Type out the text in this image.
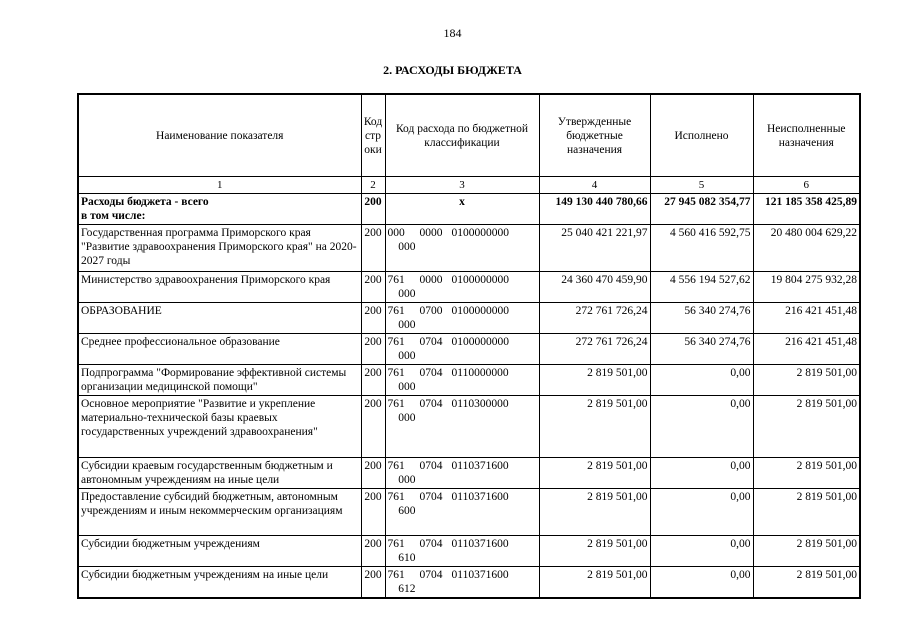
184
2. РАСХОДЫ БЮДЖЕТА
Наименование показателя	Код стр оки	Код расхода по бюджетной классификации	Утвержденные бюджетные назначения	Исполнено	Неисполненные назначения
1	2	3	4	5	6

Расходы бюджета - всего
в том числе:	200	x	149 130 440 780,66	27 945 082 354,77	121 185 358 425,89

Государственная программа Приморского края "Развитие здравоохранения Приморского края" на 2020-2027 годы	200	000 0000 0100000000000	25 040 421 221,97	4 560 416 592,75	20 480 004 629,22

Министерство здравоохранения Приморского края	200	761 0000 0100000000000	24 360 470 459,90	4 556 194 527,62	19 804 275 932,28

ОБРАЗОВАНИЕ	200	761 0700 0100000000000	272 761 726,24	56 340 274,76	216 421 451,48

Среднее профессиональное образование	200	761 0704 0100000000000	272 761 726,24	56 340 274,76	216 421 451,48

Подпрограмма "Формирование эффективной системы организации медицинской помощи"	200	761 0704 0110000000000	2 819 501,00	0,00	2 819 501,00

Основное мероприятие "Развитие и укрепление материально-технической базы краевых государственных учреждений здравоохранения"	200	761 0704 0110300000000	2 819 501,00	0,00	2 819 501,00

Субсидии краевым государственным бюджетным и автономным учреждениям на иные цели	200	761 0704 0110371600000	2 819 501,00	0,00	2 819 501,00

Предоставление субсидий бюджетным, автономным учреждениям и иным некоммерческим организациям	200	761 0704 0110371600600	2 819 501,00	0,00	2 819 501,00

Субсидии бюджетным учреждениям	200	761 0704 0110371600610	2 819 501,00	0,00	2 819 501,00

Субсидии бюджетным учреждениям на иные цели	200	761 0704 0110371600612	2 819 501,00	0,00	2 819 501,00
